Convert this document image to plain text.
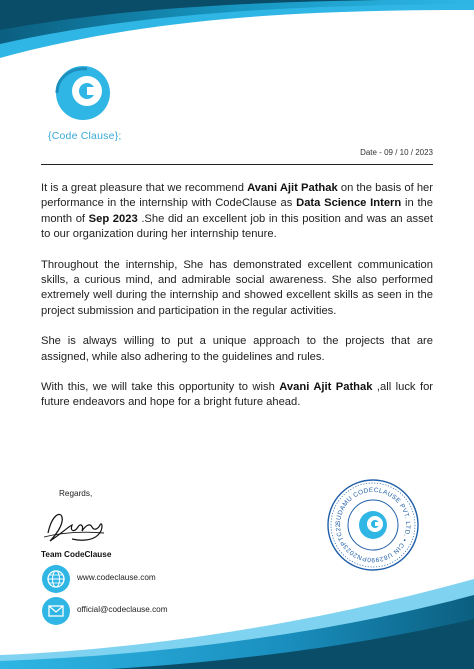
{Code Clause};
Date - 09 / 10 / 2023

It is a great pleasure that we recommend Avani Ajit Pathak on the basis of her performance in the internship with CodeClause as Data Science Intern in the month of Sep 2023 .She did an excellent job in this position and was an asset to our organization during her internship tenure.

Throughout the internship, She has demonstrated excellent communication skills, a curious mind, and admirable social awareness. She also performed extremely well during the internship and showed excellent skills as seen in the project submission and participation in the regular activities.

She is always willing to put a unique approach to the projects that are assigned, while also adhering to the guidelines and rules.

With this, we will take this opportunity to wish Avani Ajit Pathak ,all luck for future endeavors and hope for a bright future ahead.

Regards,
Team CodeClause
www.codeclause.com
official@codeclause.com
SUDAMU CODECLAUSE PVT. LTD. • CIN U82990PN2023PTC22
